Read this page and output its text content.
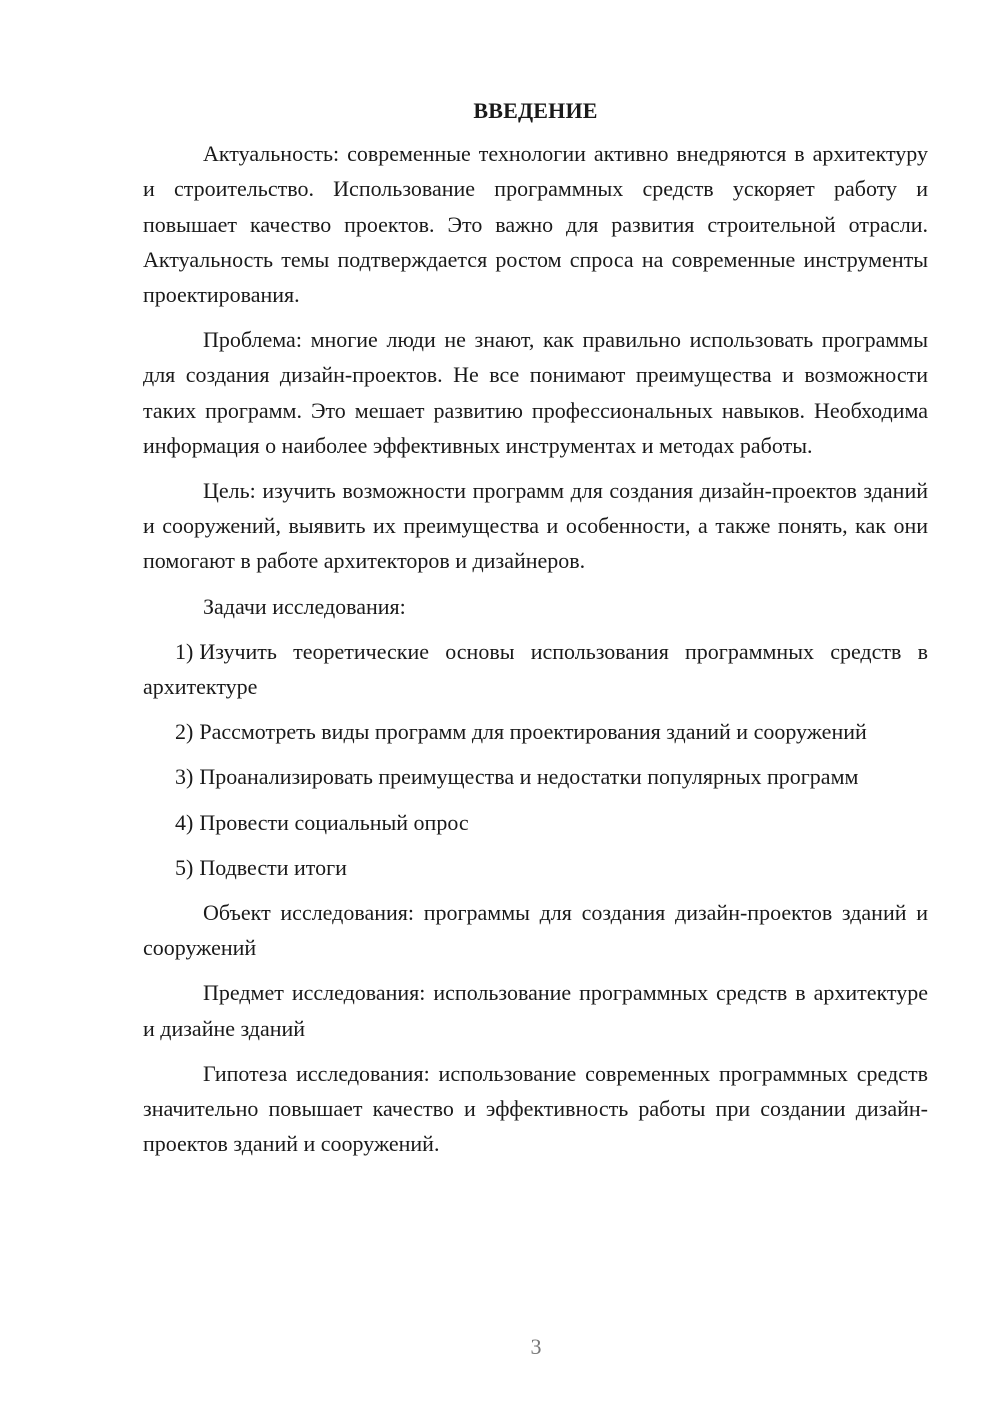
ВВЕДЕНИЕ

Актуальность: современные технологии активно внедряются в архитектуру и строительство. Использование программных средств ускоряет работу и повышает качество проектов. Это важно для развития строительной отрасли. Актуальность темы подтверждается ростом спроса на современные инструменты проектирования.

Проблема: многие люди не знают, как правильно использовать программы для создания дизайн-проектов. Не все понимают преимущества и возможности таких программ. Это мешает развитию профессиональных навыков. Необходима информация о наиболее эффективных инструментах и методах работы.

Цель: изучить возможности программ для создания дизайн-проектов зданий и сооружений, выявить их преимущества и особенности, а также понять, как они помогают в работе архитекторов и дизайнеров.

Задачи исследования:

1) Изучить теоретические основы использования программных средств в архитектуре

2) Рассмотреть виды программ для проектирования зданий и сооружений

3) Проанализировать преимущества и недостатки популярных программ

4) Провести социальный опрос

5) Подвести итоги

Объект исследования: программы для создания дизайн-проектов зданий и сооружений

Предмет исследования: использование программных средств в архитектуре и дизайне зданий

Гипотеза исследования: использование современных программных средств значительно повышает качество и эффективность работы при создании дизайн-проектов зданий и сооружений.

3
